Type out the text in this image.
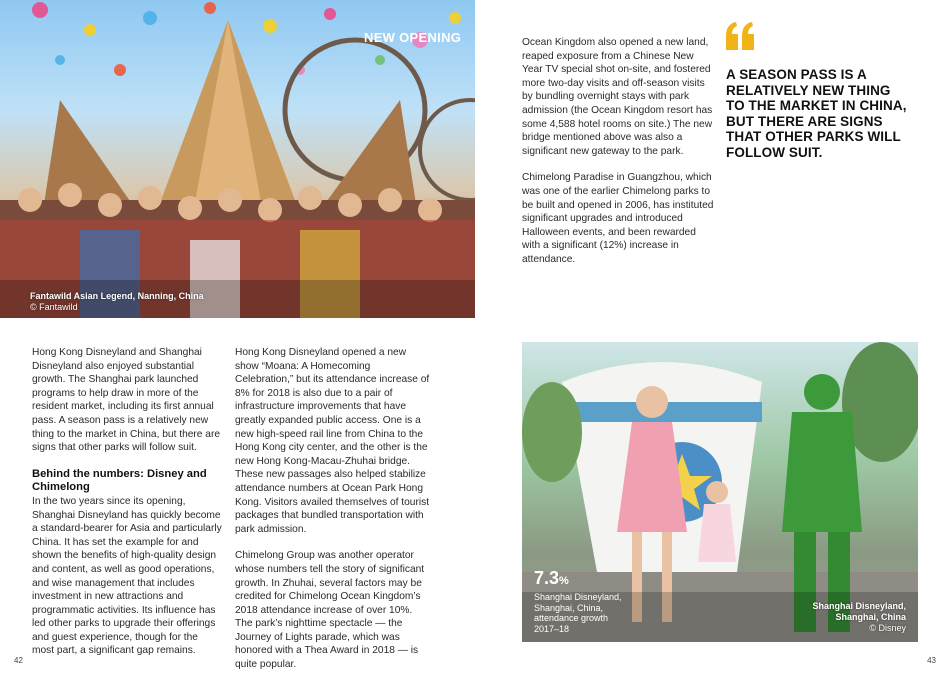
NEW OPENING
Fantawild Asian Legend, Nanning, China
© Fantawild

Hong Kong Disneyland and Shanghai Disneyland also enjoyed substantial growth. The Shanghai park launched programs to help draw in more of the resident market, including its first annual pass. A season pass is a relatively new thing to the market in China, but there are signs that other parks will follow suit.

Behind the numbers: Disney and Chimelong

In the two years since its opening, Shanghai Disneyland has quickly become a standard-bearer for Asia and particularly China. It has set the example for and shown the benefits of high-quality design and content, as well as good operations, and wise management that includes investment in new attractions and programmatic activities. Its influence has led other parks to upgrade their offerings and guest experience, though for the most part, a significant gap remains.

Hong Kong Disneyland opened a new show “Moana: A Homecoming Celebration,” but its attendance increase of 8% for 2018 is also due to a pair of infrastructure improvements that have greatly expanded public access. One is a new high-speed rail line from China to the Hong Kong city center, and the other is the new Hong Kong-Macau-Zhuhai bridge. These new passages also helped stabilize attendance numbers at Ocean Park Hong Kong. Visitors availed themselves of tourist packages that bundled transportation with park admission.

Chimelong Group was another operator whose numbers tell the story of significant growth. In Zhuhai, several factors may be credited for Chimelong Ocean Kingdom’s 2018 attendance increase of over 10%. The park’s nighttime spectacle — the Journey of Lights parade, which was honored with a Thea Award in 2018 — is quite popular.

Ocean Kingdom also opened a new land, reaped exposure from a Chinese New Year TV special shot on-site, and fostered more two-day visits and off-season visits by bundling overnight stays with park admission (the Ocean Kingdom resort has some 4,588 hotel rooms on site.) The new bridge mentioned above was also a significant new gateway to the park.

Chimelong Paradise in Guangzhou, which was one of the earlier Chimelong parks to be built and opened in 2006, has instituted significant upgrades and introduced Halloween events, and been rewarded with a significant (12%) increase in attendance.

A SEASON PASS IS A RELATIVELY NEW THING TO THE MARKET IN CHINA, BUT THERE ARE SIGNS THAT OTHER PARKS WILL FOLLOW SUIT.
7.3%
Shanghai Disneyland, Shanghai, China, attendance growth 2017–18
Shanghai Disneyland, Shanghai, China
© Disney
42	43
